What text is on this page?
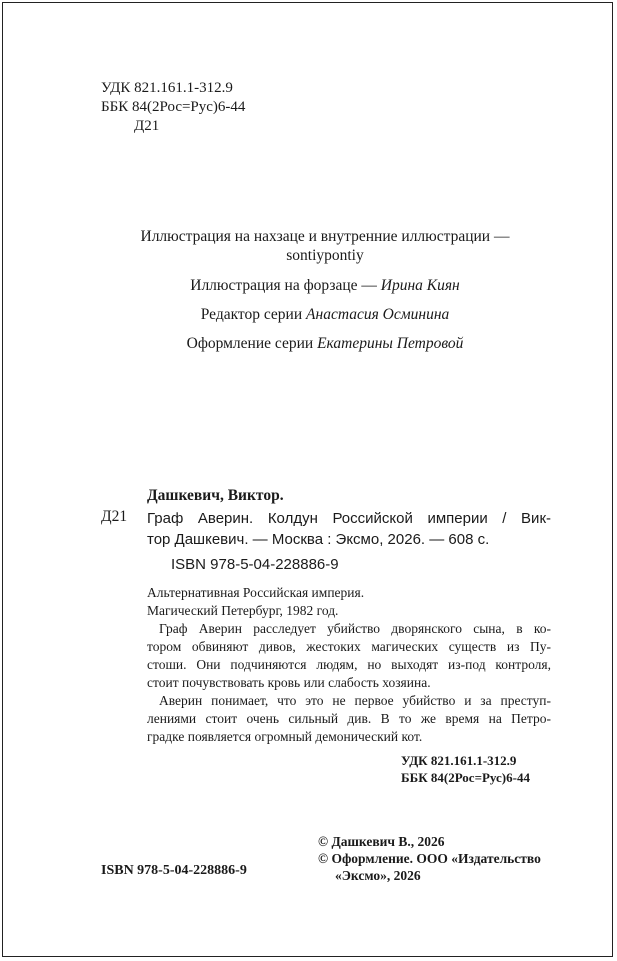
УДК 821.161.1-312.9
ББК 84(2Рос=Рус)6-44
Д21
Иллюстрация на нахзаце и внутренние иллюстрации —
sontiypontiy
Иллюстрация на форзаце — Ирина Киян
Редактор серии Анастасия Осминина
Оформление серии Екатерины Петровой
Дашкевич, Виктор.
Д21 Граф Аверин. Колдун Российской империи / Вик-
тор Дашкевич. — Москва : Эксмо, 2026. — 608 с.
ISBN 978-5-04-228886-9
Альтернативная Российская империя.
Магический Петербург, 1982 год.
Граф Аверин расследует убийство дворянского сына, в ко-
тором обвиняют дивов, жестоких магических существ из Пу-
стоши. Они подчиняются людям, но выходят из-под контроля,
стоит почувствовать кровь или слабость хозяина.
Аверин понимает, что это не первое убийство и за преступ-
лениями стоит очень сильный див. В то же время на Петро-
градке появляется огромный демонический кот.
УДК 821.161.1-312.9
ББК 84(2Рос=Рус)6-44
© Дашкевич В., 2026
© Оформление. ООО «Издательство
«Эксмо», 2026
ISBN 978-5-04-228886-9
